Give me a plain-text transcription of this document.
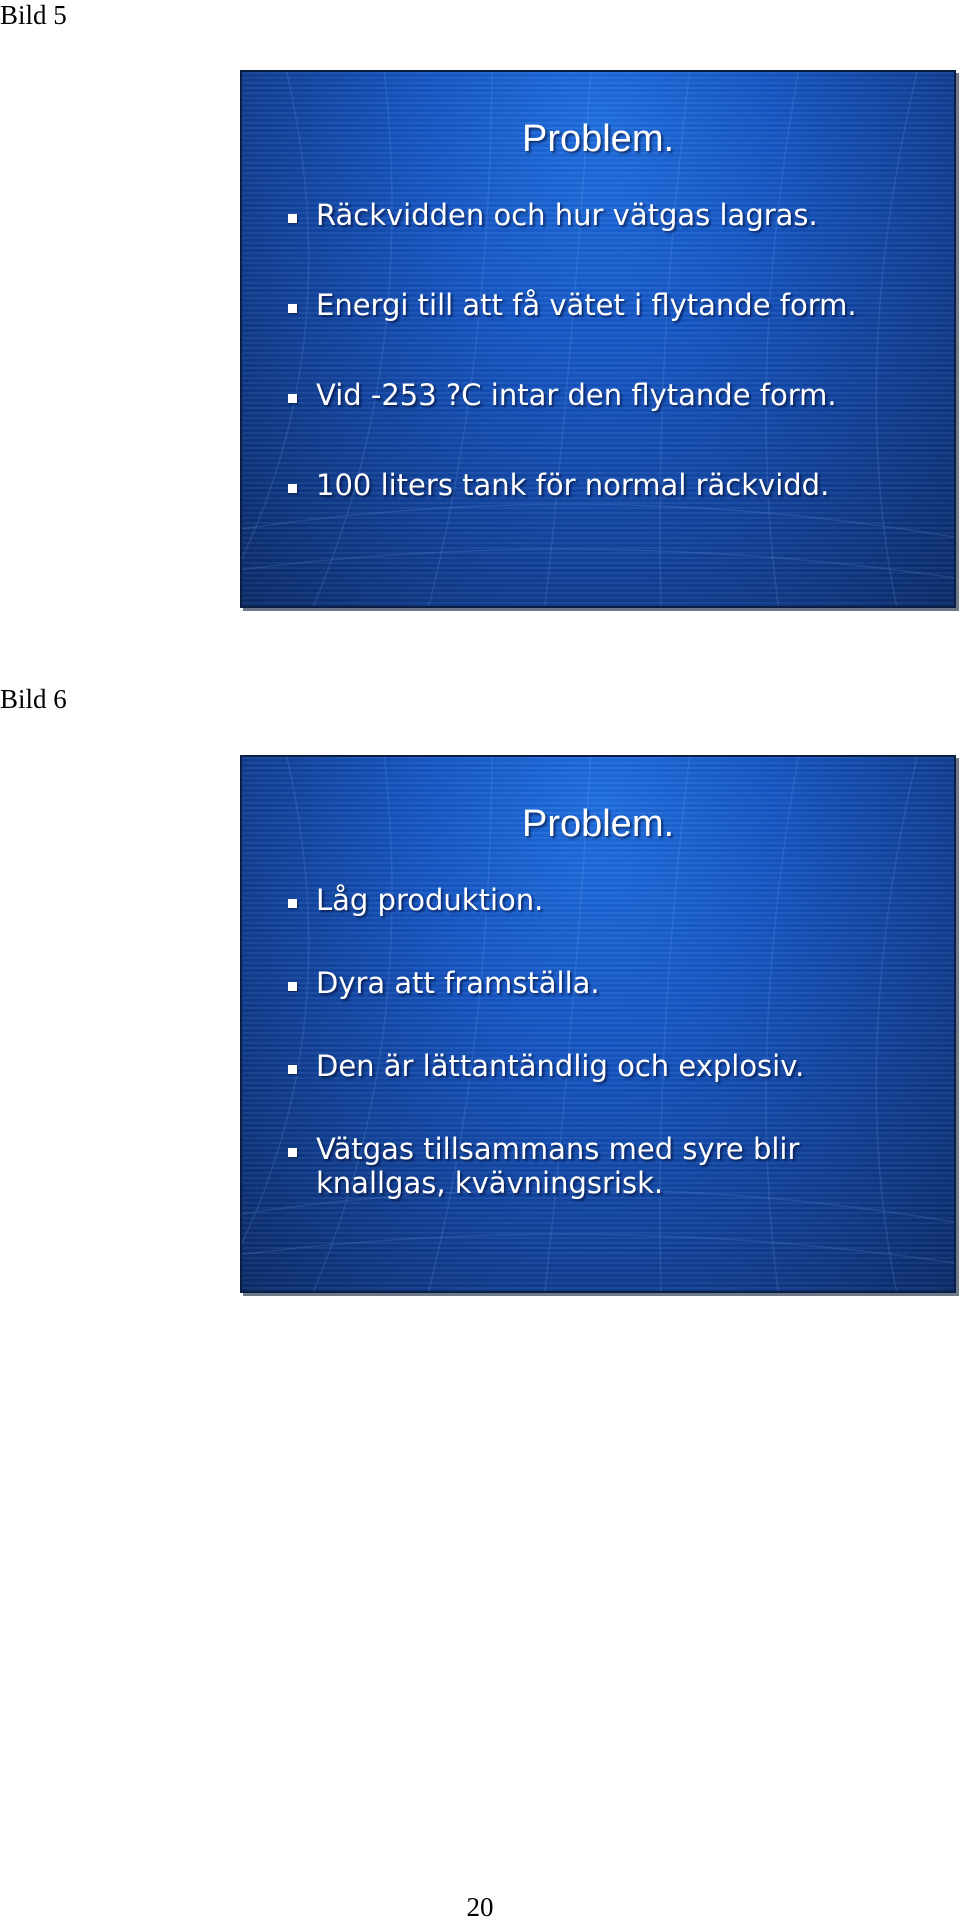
Bild 5
Problem.
Räckvidden och hur vätgas lagras.
Energi till att få vätet i flytande form.
Vid -253 ?C intar den flytande form.
100 liters tank för normal räckvidd.
Bild 6
Problem.
Låg produktion.
Dyra att framställa.
Den är lättantändlig och explosiv.
Vätgas tillsammans med syre blir knallgas, kvävningsrisk.
20
